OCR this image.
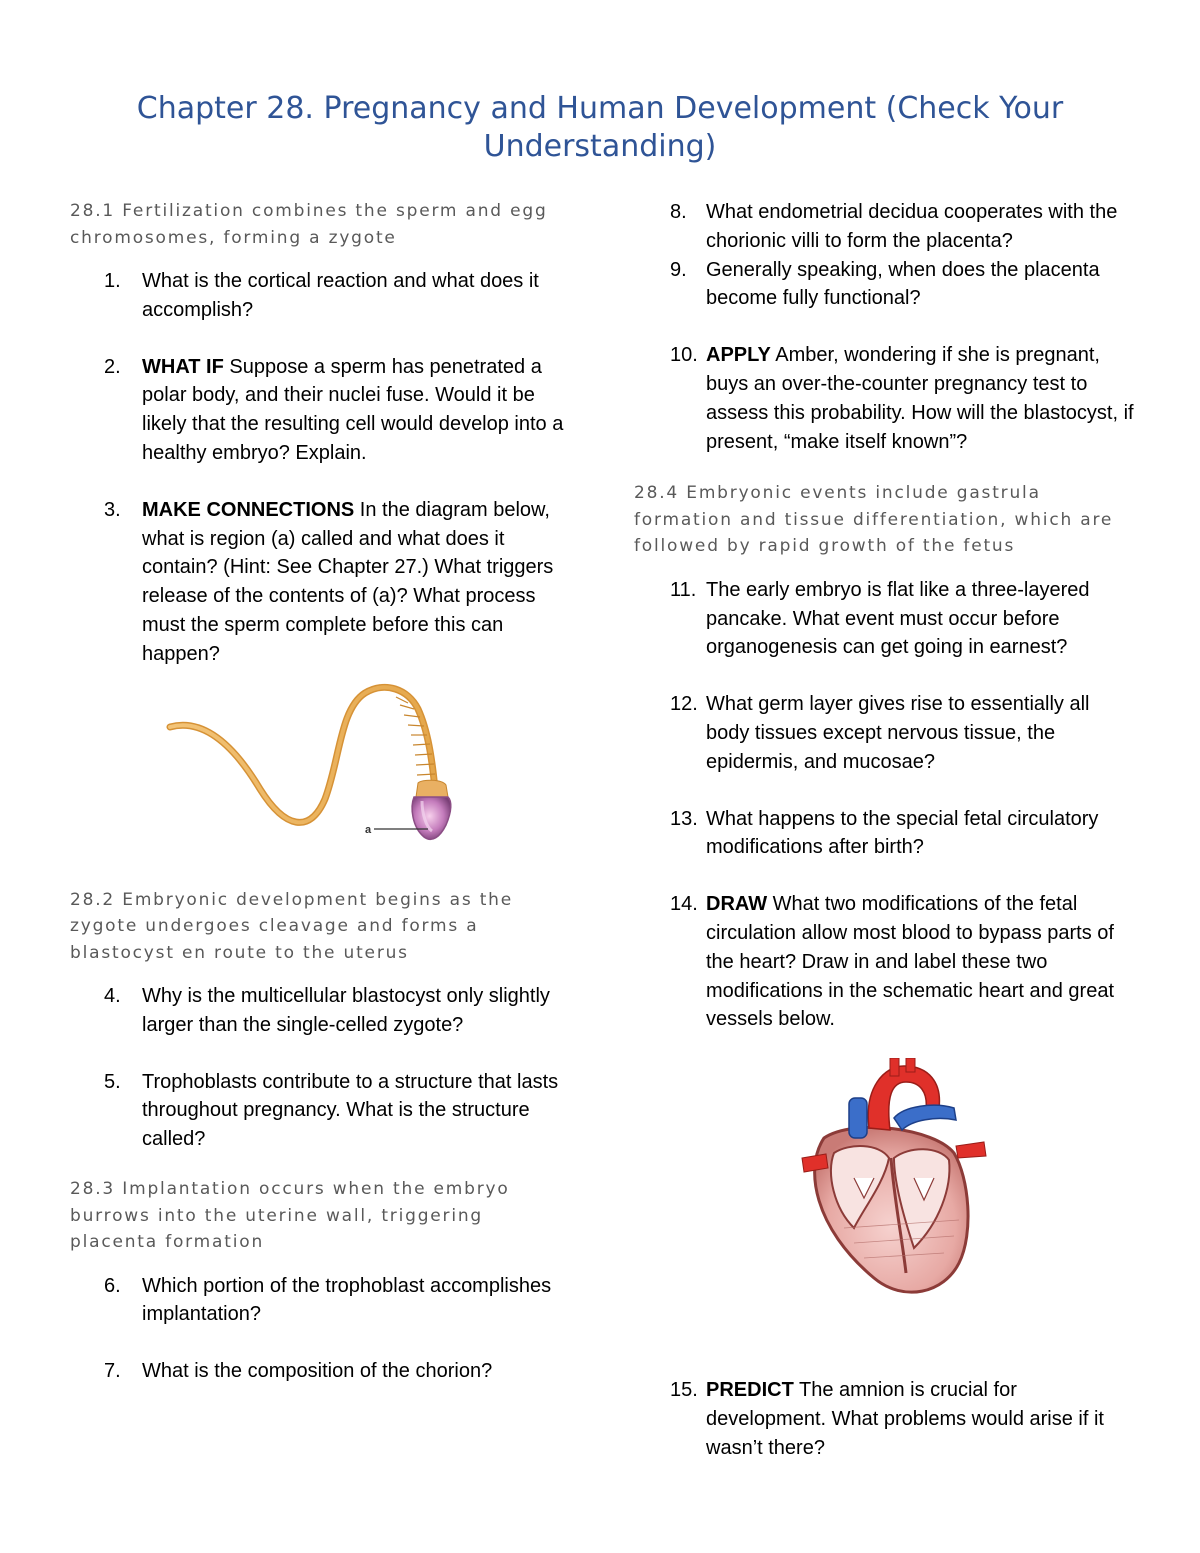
Chapter 28. Pregnancy and Human Development (Check Your Understanding)

28.1 Fertilization combines the sperm and egg chromosomes, forming a zygote

1. What is the cortical reaction and what does it accomplish?
2. WHAT IF Suppose a sperm has penetrated a polar body, and their nuclei fuse. Would it be likely that the resulting cell would develop into a healthy embryo? Explain.
3. MAKE CONNECTIONS In the diagram below, what is region (a) called and what does it contain? (Hint: See Chapter 27.) What triggers release of the contents of (a)? What process must the sperm complete before this can happen?
a

28.2 Embryonic development begins as the zygote undergoes cleavage and forms a blastocyst en route to the uterus

4. Why is the multicellular blastocyst only slightly larger than the single-celled zygote?
5. Trophoblasts contribute to a structure that lasts throughout pregnancy. What is the structure called?

28.3 Implantation occurs when the embryo burrows into the uterine wall, triggering placenta formation

6. Which portion of the trophoblast accomplishes implantation?
7. What is the composition of the chorion?
8. What endometrial decidua cooperates with the chorionic villi to form the placenta?
9. Generally speaking, when does the placenta become fully functional?
10. APPLY Amber, wondering if she is pregnant, buys an over-the-counter pregnancy test to assess this probability. How will the blastocyst, if present, “make itself known”?

28.4 Embryonic events include gastrula formation and tissue differentiation, which are followed by rapid growth of the fetus

11. The early embryo is flat like a three-layered pancake. What event must occur before organogenesis can get going in earnest?
12. What germ layer gives rise to essentially all body tissues except nervous tissue, the epidermis, and mucosae?
13. What happens to the special fetal circulatory modifications after birth?
14. DRAW What two modifications of the fetal circulation allow most blood to bypass parts of the heart? Draw in and label these two modifications in the schematic heart and great vessels below.
15. PREDICT The amnion is crucial for development. What problems would arise if it wasn’t there?
